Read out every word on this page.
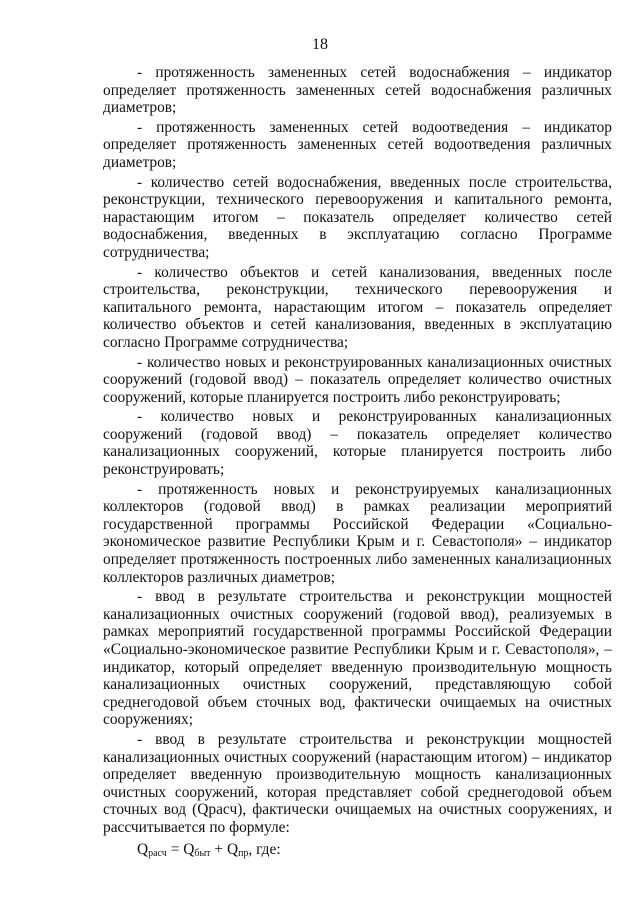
18

- протяженность замененных сетей водоснабжения – индикатор определяет протяженность замененных сетей водоснабжения различных диаметров;

- протяженность замененных сетей водоотведения – индикатор определяет протяженность замененных сетей водоотведения различных диаметров;

- количество сетей водоснабжения, введенных после строительства, реконструкции, технического перевооружения и капитального ремонта, нарастающим итогом – показатель определяет количество сетей водоснабжения, введенных в эксплуатацию согласно Программе сотрудничества;

- количество объектов и сетей канализования, введенных после строительства, реконструкции, технического перевооружения и капитального ремонта, нарастающим итогом – показатель определяет количество объектов и сетей канализования, введенных в эксплуатацию согласно Программе сотрудничества;

- количество новых и реконструированных канализационных очистных сооружений (годовой ввод) – показатель определяет количество очистных сооружений, которые планируется построить либо реконструировать;

- количество новых и реконструированных канализационных сооружений (годовой ввод) – показатель определяет количество канализационных сооружений, которые планируется построить либо реконструировать;

- протяженность новых и реконструируемых канализационных коллекторов (годовой ввод) в рамках реализации мероприятий государственной программы Российской Федерации «Социально-экономическое развитие Республики Крым и г. Севастополя» – индикатор определяет протяженность построенных либо замененных канализационных коллекторов различных диаметров;

- ввод в результате строительства и реконструкции мощностей канализационных очистных сооружений (годовой ввод), реализуемых в рамках мероприятий государственной программы Российской Федерации «Социально-экономическое развитие Республики Крым и г. Севастополя», – индикатор, который определяет введенную производительную мощность канализационных очистных сооружений, представляющую собой среднегодовой объем сточных вод, фактически очищаемых на очистных сооружениях;

- ввод в результате строительства и реконструкции мощностей канализационных очистных сооружений (нарастающим итогом) – индикатор определяет введенную производительную мощность канализационных очистных сооружений, которая представляет собой среднегодовой объем сточных вод (Qрасч), фактически очищаемых на очистных сооружениях, и рассчитывается по формуле:

$Q_{расч} = Q_{быт} + Q_{пр}$, где:
